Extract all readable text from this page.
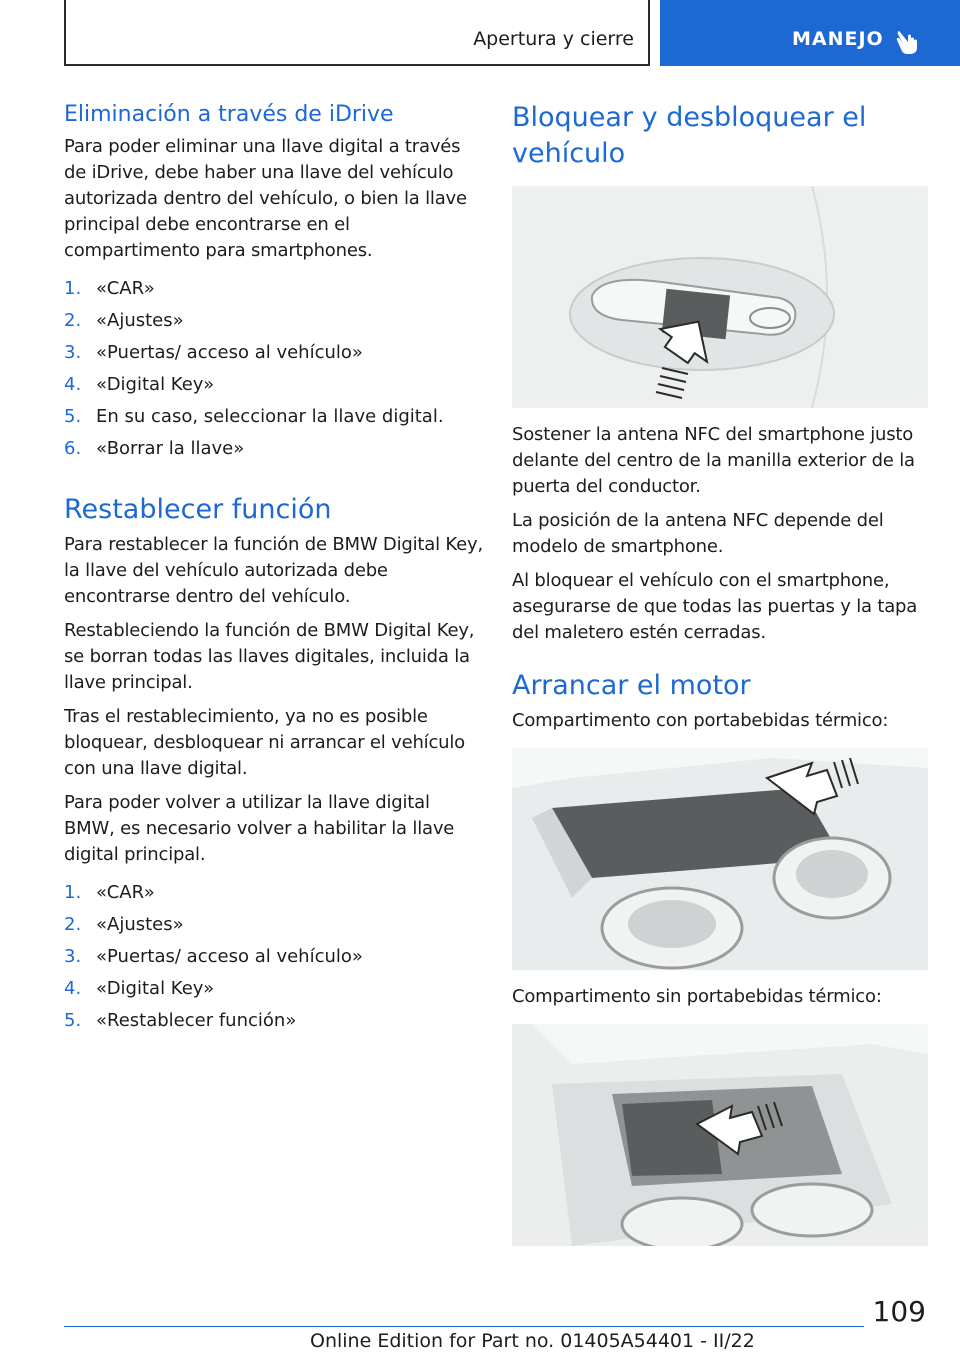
Apertura y cierre	MANEJO
Eliminación a través de iDrive

Para poder eliminar una llave digital a través de iDrive, debe haber una llave del vehículo autorizada dentro del vehículo, o bien la llave principal debe encontrarse en el compartimento para smartphones.

1. «CAR»
2. «Ajustes»
3. «Puertas/ acceso al vehículo»
4. «Digital Key»
5. En su caso, seleccionar la llave digital.
6. «Borrar la llave»
Restablecer función

Para restablecer la función de BMW Digital Key, la llave del vehículo autorizada debe encontrarse dentro del vehículo.

Restableciendo la función de BMW Digital Key, se borran todas las llaves digitales, incluida la llave principal.

Tras el restablecimiento, ya no es posible bloquear, desbloquear ni arrancar el vehículo con una llave digital.

Para poder volver a utilizar la llave digital BMW, es necesario volver a habilitar la llave digital principal.

1. «CAR»
2. «Ajustes»
3. «Puertas/ acceso al vehículo»
4. «Digital Key»
5. «Restablecer función»
Bloquear y desbloquear el vehículo

Sostener la antena NFC del smartphone justo delante del centro de la manilla exterior de la puerta del conductor.

La posición de la antena NFC depende del modelo de smartphone.

Al bloquear el vehículo con el smartphone, asegurarse de que todas las puertas y la tapa del maletero estén cerradas.

Arrancar el motor

Compartimento con portabebidas térmico:

Compartimento sin portabebidas térmico:

109
Online Edition for Part no. 01405A54401 - II/22
